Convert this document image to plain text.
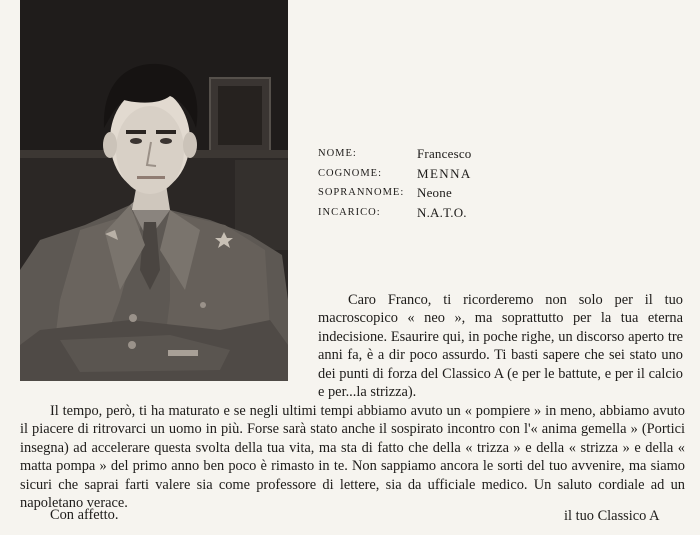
NOME:	Francesco
COGNOME:	MENNA
SOPRANNOME: Neone
INCARICO:	N.A.T.O.
Caro Franco, ti ricorderemo non solo per il tuo macroscopico « neo », ma soprattutto per la tua eterna indecisione. Esaurire qui, in poche righe, un discorso aperto tre anni fa, è a dir poco assurdo. Ti basti sapere che sei stato uno dei punti di forza del Classico A (e per le battute, e per il calcio e per...la strizza).
Il tempo, però, ti ha maturato e se negli ultimi tempi abbiamo avuto un « pompiere » in meno, abbiamo avuto il piacere di ritrovarci un uomo in più. Forse sarà stato anche il sospirato incontro con l'« anima gemella » (Portici insegna) ad accelerare questa svolta della tua vita, ma sta di fatto che della « trizza » e della « strizza » e della « matta pompa » del primo anno ben poco è rimasto in te. Non sappiamo ancora le sorti del tuo avvenire, ma siamo sicuri che saprai farti valere sia come professore di lettere, sia da ufficiale medico. Un saluto cordiale ad un napoletano verace.
Con affetto.	il tuo Classico A
